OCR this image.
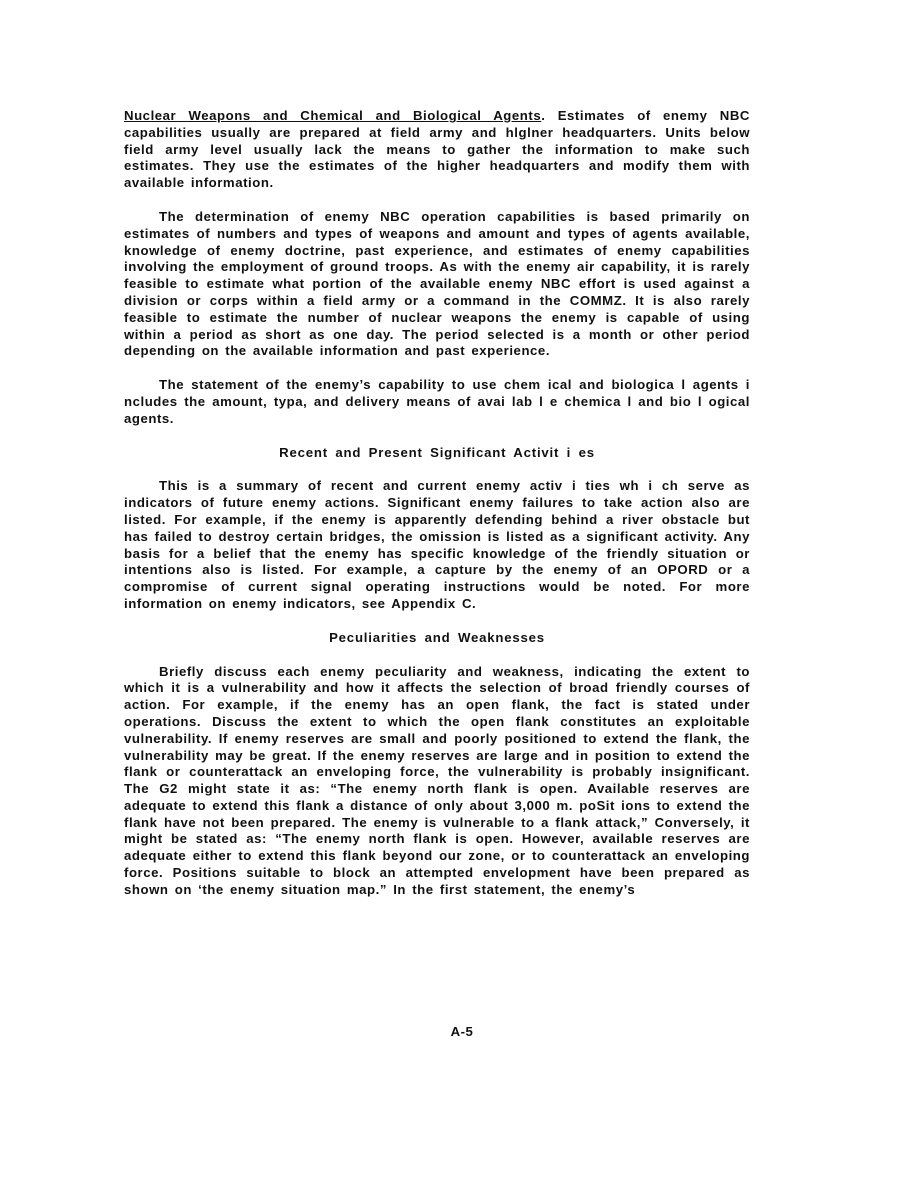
Nuclear Weapons and Chemical and Biological Agents. Estimates of enemy NBC capabilities usually are prepared at field army and hlglner headquarters. Units below field army level usually lack the means to gather the information to make such estimates. They use the estimates of the higher headquarters and modify them with available information.

The determination of enemy NBC operation capabilities is based primarily on estimates of numbers and types of weapons and amount and types of agents available, knowledge of enemy doctrine, past experience, and estimates of enemy capabilities involving the employment of ground troops. As with the enemy air capability, it is rarely feasible to estimate what portion of the available enemy NBC effort is used against a division or corps within a field army or a command in the COMMZ. It is also rarely feasible to estimate the number of nuclear weapons the enemy is capable of using within a period as short as one day. The period selected is a month or other period depending on the available information and past experience.

The statement of the enemy’s capability to use chem ical and biologica l agents i ncludes the amount, typa, and delivery means of avai lab l e chemica l and bio l ogical agents.

Recent and Present Significant Activit i es

This is a summary of recent and current enemy activ i ties wh i ch serve as indicators of future enemy actions. Significant enemy failures to take action also are listed. For example, if the enemy is apparently defending behind a river obstacle but has failed to destroy certain bridges, the omission is listed as a significant activity. Any basis for a belief that the enemy has specific knowledge of the friendly situation or intentions also is listed. For example, a capture by the enemy of an OPORD or a compromise of current signal operating instructions would be noted. For more information on enemy indicators, see Appendix C.

Peculiarities and Weaknesses

Briefly discuss each enemy peculiarity and weakness, indicating the extent to which it is a vulnerability and how it affects the selection of broad friendly courses of action. For example, if the enemy has an open flank, the fact is stated under operations. Discuss the extent to which the open flank constitutes an exploitable vulnerability. If enemy reserves are small and poorly positioned to extend the flank, the vulnerability may be great. If the enemy reserves are large and in position to extend the flank or counterattack an enveloping force, the vulnerability is probably insignificant. The G2 might state it as: “The enemy north flank is open. Available reserves are adequate to extend this flank a distance of only about 3,000 m. poSit ions to extend the flank have not been prepared. The enemy is vulnerable to a flank attack,” Conversely, it might be stated as: “The enemy north flank is open. However, available reserves are adequate either to extend this flank beyond our zone, or to counterattack an enveloping force. Positions suitable to block an attempted envelopment have been prepared as shown on ‘the enemy situation map.” In the first statement, the enemy’s

A-5
